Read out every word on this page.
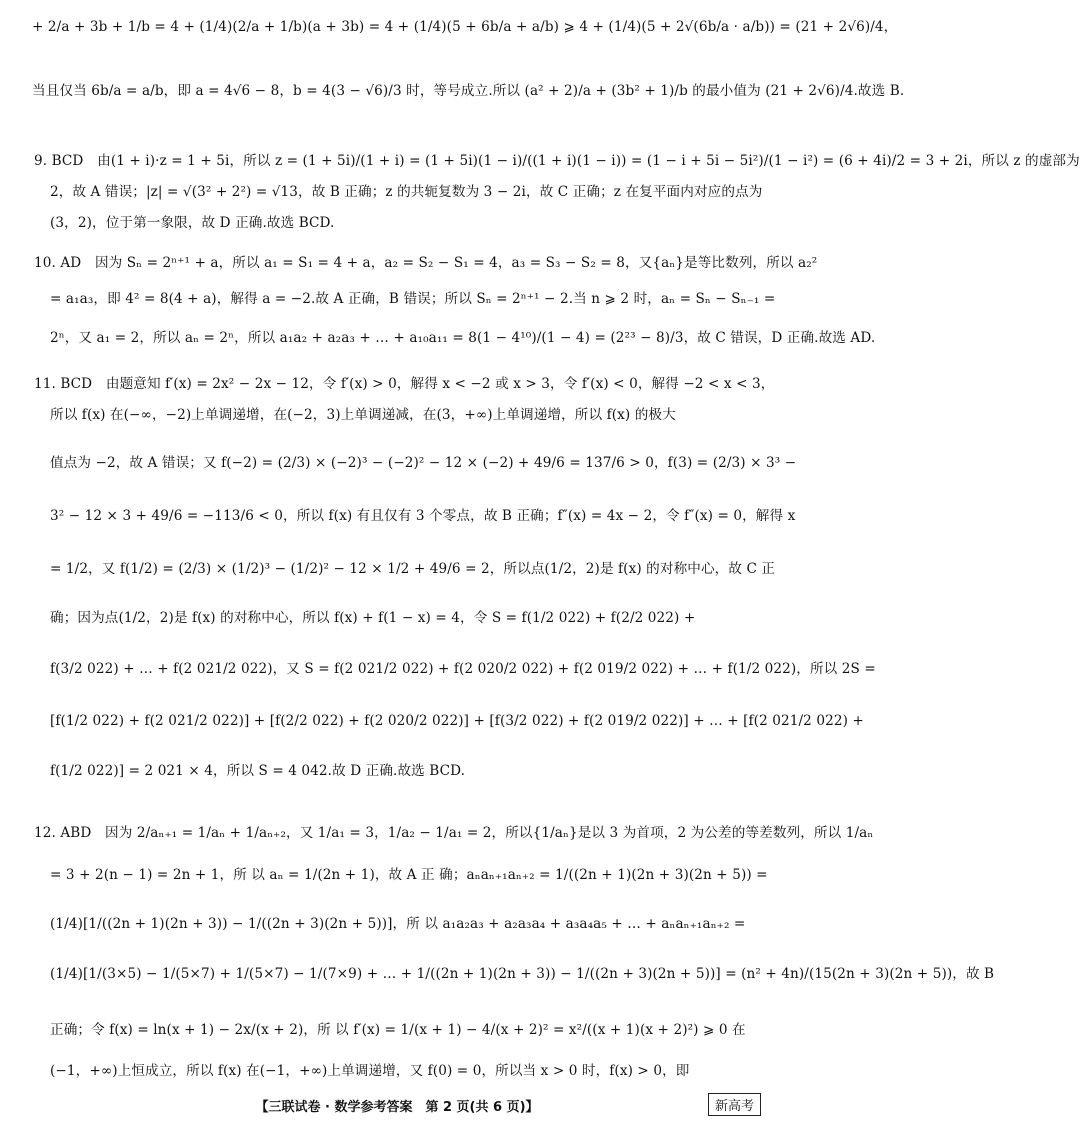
+ 2/a + 3b + 1/b = 4 + (1/4)(2/a + 1/b)(a + 3b) = 4 + (1/4)(5 + 6b/a + a/b) ⩾ 4 + (1/4)(5 + 2√(6b/a · a/b)) = (21 + 2√6)/4，
当且仅当 6b/a = a/b，即 a = 4√6 − 8，b = 4(3 − √6)/3 时，等号成立.所以 (a² + 2)/a + (3b² + 1)/b 的最小值为 (21 + 2√6)/4.故选 B.
9. BCD　由(1 + i)·z = 1 + 5i，所以 z = (1 + 5i)/(1 + i) = (1 + 5i)(1 − i)/((1 + i)(1 − i)) = (1 − i + 5i − 5i²)/(1 − i²) = (6 + 4i)/2 = 3 + 2i，所以 z 的虚部为
2，故 A 错误；|z| = √(3² + 2²) = √13，故 B 正确；z 的共轭复数为 3 − 2i，故 C 正确；z 在复平面内对应的点为
(3，2)，位于第一象限，故 D 正确.故选 BCD.
10. AD　因为 Sₙ = 2ⁿ⁺¹ + a，所以 a₁ = S₁ = 4 + a，a₂ = S₂ − S₁ = 4，a₃ = S₃ − S₂ = 8，又{aₙ}是等比数列，所以 a₂²
= a₁a₃，即 4² = 8(4 + a)，解得 a = −2.故 A 正确，B 错误；所以 Sₙ = 2ⁿ⁺¹ − 2.当 n ⩾ 2 时，aₙ = Sₙ − Sₙ₋₁ =
2ⁿ，又 a₁ = 2，所以 aₙ = 2ⁿ，所以 a₁a₂ + a₂a₃ + … + a₁₀a₁₁ = 8(1 − 4¹⁰)/(1 − 4) = (2²³ − 8)/3，故 C 错误，D 正确.故选 AD.
11. BCD　由题意知 f′(x) = 2x² − 2x − 12，令 f′(x) > 0，解得 x < −2 或 x > 3，令 f′(x) < 0，解得 −2 < x < 3，
所以 f(x) 在(−∞，−2)上单调递增，在(−2，3)上单调递减，在(3，+∞)上单调递增，所以 f(x) 的极大
值点为 −2，故 A 错误；又 f(−2) = (2/3) × (−2)³ − (−2)² − 12 × (−2) + 49/6 = 137/6 > 0，f(3) = (2/3) × 3³ −
3² − 12 × 3 + 49/6 = −113/6 < 0，所以 f(x) 有且仅有 3 个零点，故 B 正确；f″(x) = 4x − 2，令 f″(x) = 0，解得 x
= 1/2，又 f(1/2) = (2/3) × (1/2)³ − (1/2)² − 12 × 1/2 + 49/6 = 2，所以点(1/2，2)是 f(x) 的对称中心，故 C 正
确；因为点(1/2，2)是 f(x) 的对称中心，所以 f(x) + f(1 − x) = 4，令 S = f(1/2 022) + f(2/2 022) +
f(3/2 022) + … + f(2 021/2 022)，又 S = f(2 021/2 022) + f(2 020/2 022) + f(2 019/2 022) + … + f(1/2 022)，所以 2S =
[f(1/2 022) + f(2 021/2 022)] + [f(2/2 022) + f(2 020/2 022)] + [f(3/2 022) + f(2 019/2 022)] + … + [f(2 021/2 022) +
f(1/2 022)] = 2 021 × 4，所以 S = 4 042.故 D 正确.故选 BCD.
12. ABD　因为 2/aₙ₊₁ = 1/aₙ + 1/aₙ₊₂，又 1/a₁ = 3，1/a₂ − 1/a₁ = 2，所以{1/aₙ}是以 3 为首项，2 为公差的等差数列，所以 1/aₙ
= 3 + 2(n − 1) = 2n + 1，所 以 aₙ = 1/(2n + 1)，故 A 正 确；aₙaₙ₊₁aₙ₊₂ = 1/((2n + 1)(2n + 3)(2n + 5)) =
(1/4)[1/((2n + 1)(2n + 3)) − 1/((2n + 3)(2n + 5))]，所 以 a₁a₂a₃ + a₂a₃a₄ + a₃a₄a₅ + … + aₙaₙ₊₁aₙ₊₂ =
(1/4)[1/(3×5) − 1/(5×7) + 1/(5×7) − 1/(7×9) + … + 1/((2n + 1)(2n + 3)) − 1/((2n + 3)(2n + 5))] = (n² + 4n)/(15(2n + 3)(2n + 5))，故 B
正确；令 f(x) = ln(x + 1) − 2x/(x + 2)，所 以 f′(x) = 1/(x + 1) − 4/(x + 2)² = x²/((x + 1)(x + 2)²) ⩾ 0 在
(−1，+∞)上恒成立，所以 f(x) 在(−1，+∞)上单调递增，又 f(0) = 0，所以当 x > 0 时，f(x) > 0，即
【三联试卷 · 数学参考答案　第 2 页(共 6 页)】	新高考
